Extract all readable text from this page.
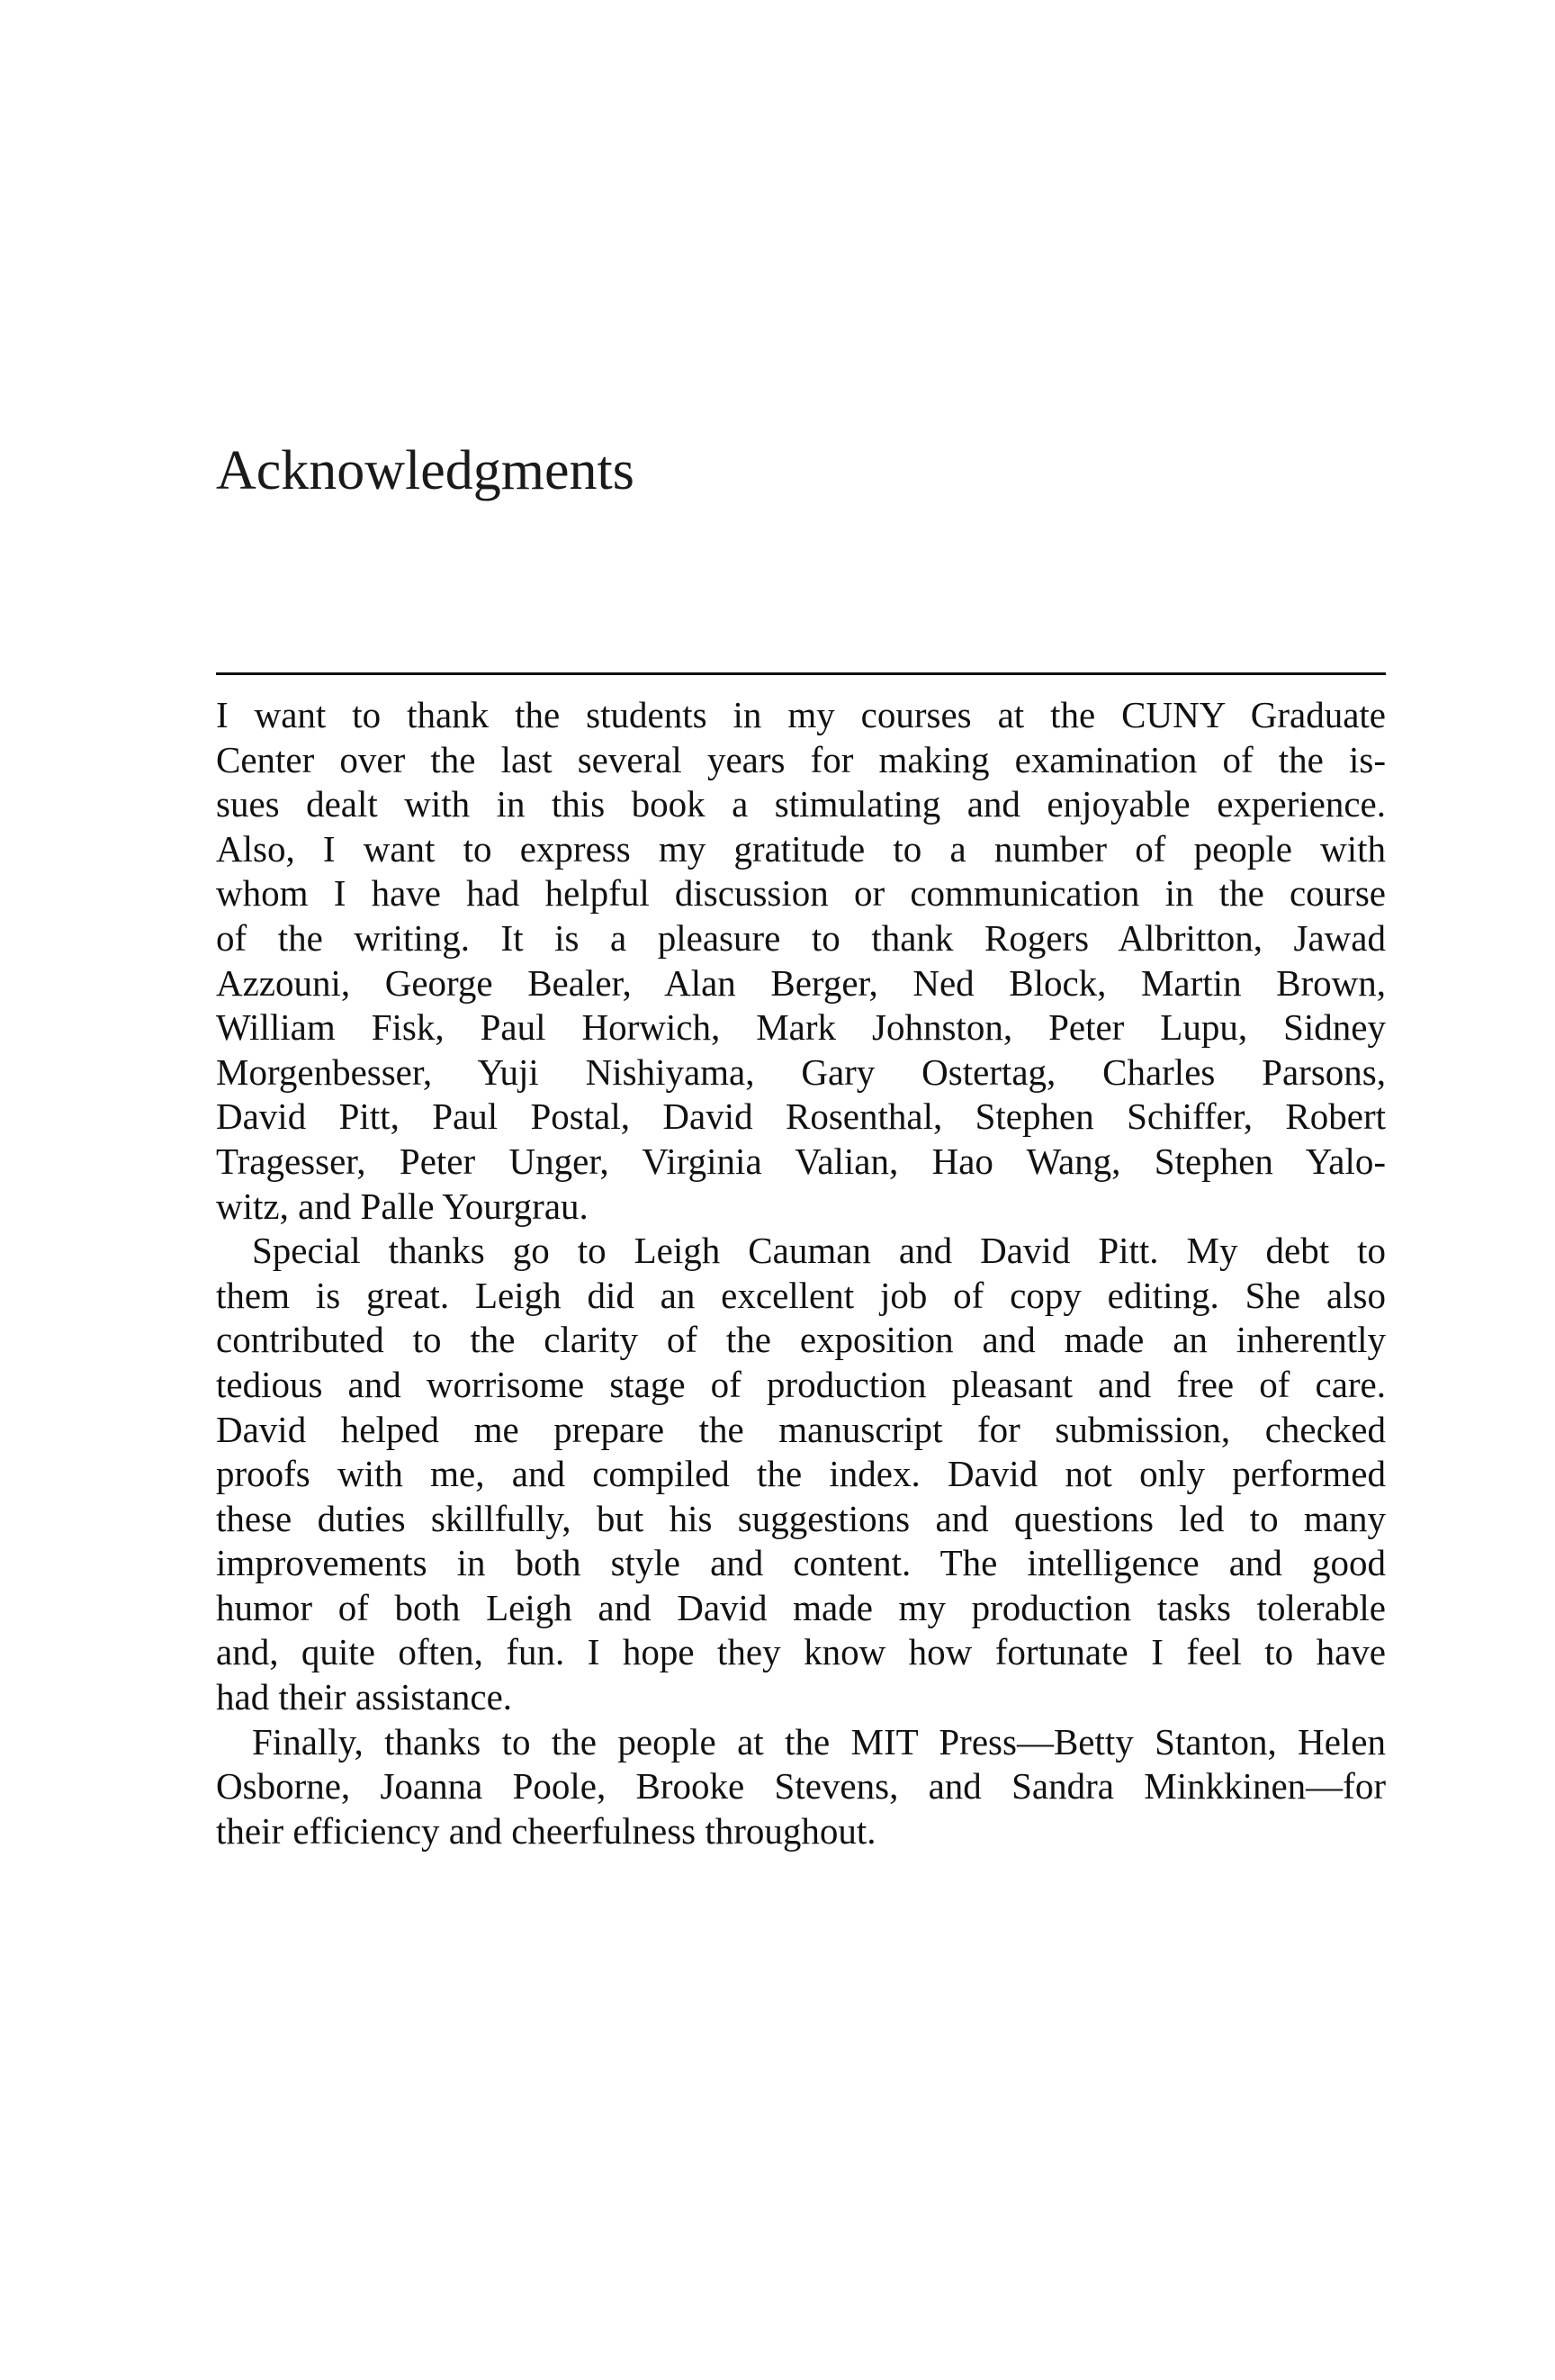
Acknowledgments
I want to thank the students in my courses at the CUNY Graduate
Center over the last several years for making examination of the is-
sues dealt with in this book a stimulating and enjoyable experience.
Also, I want to express my gratitude to a number of people with
whom I have had helpful discussion or communication in the course
of the writing. It is a pleasure to thank Rogers Albritton, Jawad
Azzouni, George Bealer, Alan Berger, Ned Block, Martin Brown,
William Fisk, Paul Horwich, Mark Johnston, Peter Lupu, Sidney
Morgenbesser, Yuji Nishiyama, Gary Ostertag, Charles Parsons,
David Pitt, Paul Postal, David Rosenthal, Stephen Schiffer, Robert
Tragesser, Peter Unger, Virginia Valian, Hao Wang, Stephen Yalo-
witz, and Palle Yourgrau.
Special thanks go to Leigh Cauman and David Pitt. My debt to
them is great. Leigh did an excellent job of copy editing. She also
contributed to the clarity of the exposition and made an inherently
tedious and worrisome stage of production pleasant and free of care.
David helped me prepare the manuscript for submission, checked
proofs with me, and compiled the index. David not only performed
these duties skillfully, but his suggestions and questions led to many
improvements in both style and content. The intelligence and good
humor of both Leigh and David made my production tasks tolerable
and, quite often, fun. I hope they know how fortunate I feel to have
had their assistance.
Finally, thanks to the people at the MIT Press—Betty Stanton, Helen
Osborne, Joanna Poole, Brooke Stevens, and Sandra Minkkinen—for
their efficiency and cheerfulness throughout.
